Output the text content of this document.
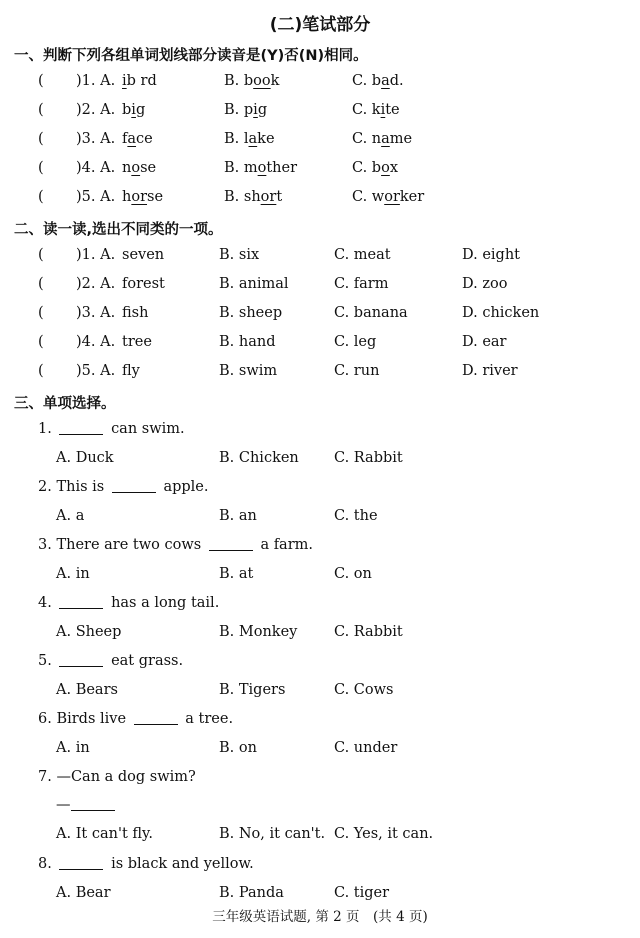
(二)笔试部分
一、判断下列各组单词划线部分读音是(Y)否(N)相同。
( )1. A. ib rd	B. book	C. bad.
( )2. A. big	B. pig	C. kite
( )3. A. face	B. lake	C. name
( )4. A. nose	B. mother	C. box
( )5. A. horse	B. short	C. worker
二、读一读,选出不同类的一项。
( )1. A. seven	B. six	C. meat	D. eight
( )2. A. forest	B. animal	C. farm	D. zoo
( )3. A. fish	B. sheep	C. banana	D. chicken
( )4. A. tree	B. hand	C. leg	D. ear
( )5. A. fly	B. swim	C. run	D. river
三、单项选择。
1.	can swim.
A. Duck	B. Chicken C. Rabbit
2. This is	apple.
A. a	B. an	C. the
3. There are two cows	a farm.
A. in	B. at	C. on
4.	has a long tail.
A. Sheep	B. Monkey	C. Rabbit
5.	eat grass.
A. Bears	B. Tigers	C. Cows
6. Birds live	a tree.
A. in	B. on	C. under
7. —Can a dog swim?
—
A. It can't fly.	B. No, it can't. C. Yes, it can.
8.	is black and yellow.
A. Bear	B. Panda	C. tiger
三年级英语试题, 第 2 页　(共 4 页)
